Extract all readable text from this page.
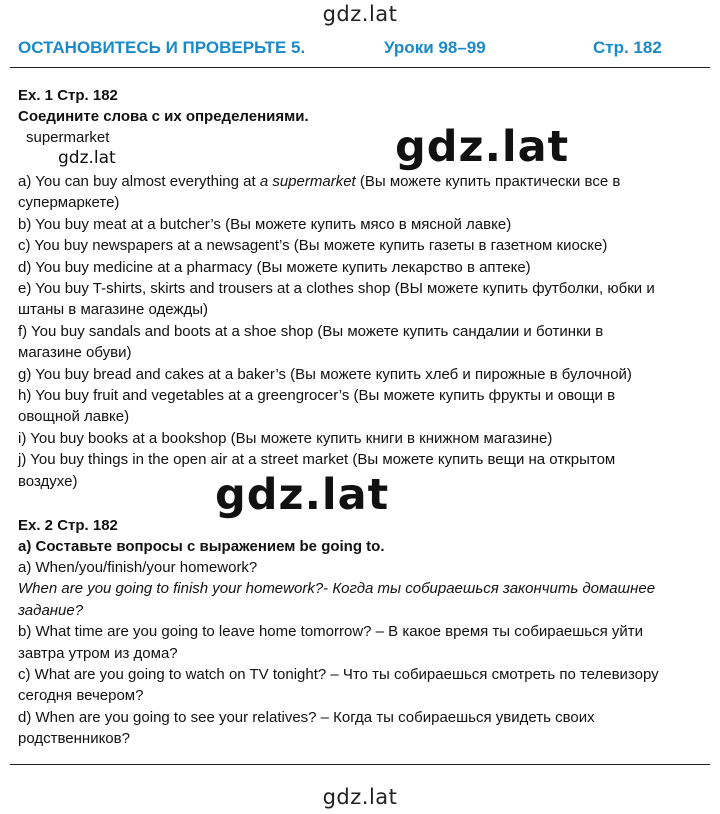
gdz.lat
ОСТАНОВИТЕСЬ И ПРОВЕРЬТЕ 5.	Уроки 98–99	Стр. 182
Ex. 1 Стр. 182
Соедините слова с их определениями.
supermarket	gdz.lat
gdz.lat
a) You can buy almost everything at a supermarket (Вы можете купить практически все в
супермаркете)
b) You buy meat at a butcher’s (Вы можете купить мясо в мясной лавке)
c) You buy newspapers at a newsagent’s (Вы можете купить газеты в газетном киоске)
d) You buy medicine at a pharmacy (Вы можете купить лекарство в аптеке)
e) You buy T-shirts, skirts and trousers at a clothes shop (ВЫ можете купить футболки, юбки и
штаны в магазине одежды)
f) You buy sandals and boots at a shoe shop (Вы можете купить сандалии и ботинки в
магазине обуви)
g) You buy bread and cakes at a baker’s (Вы можете купить хлеб и пирожные в булочной)
h) You buy fruit and vegetables at a greengrocer’s (Вы можете купить фрукты и овощи в
овощной лавке)
i) You buy books at a bookshop (Вы можете купить книги в книжном магазине)
j) You buy things in the open air at a street market (Вы можете купить вещи на открытом
воздухе)	gdz.lat
Ex. 2 Стр. 182
a) Составьте вопросы с выражением be going to.
a) When/you/finish/your homework?
When are you going to finish your homework?- Когда ты собираешься закончить домашнее
задание?
b) What time are you going to leave home tomorrow? – В какое время ты собираешься уйти
завтра утром из дома?
c) What are you going to watch on TV tonight? – Что ты собираешься смотреть по телевизору
сегодня вечером?
d) When are you going to see your relatives? – Когда ты собираешься увидеть своих
родственников?
gdz.lat
